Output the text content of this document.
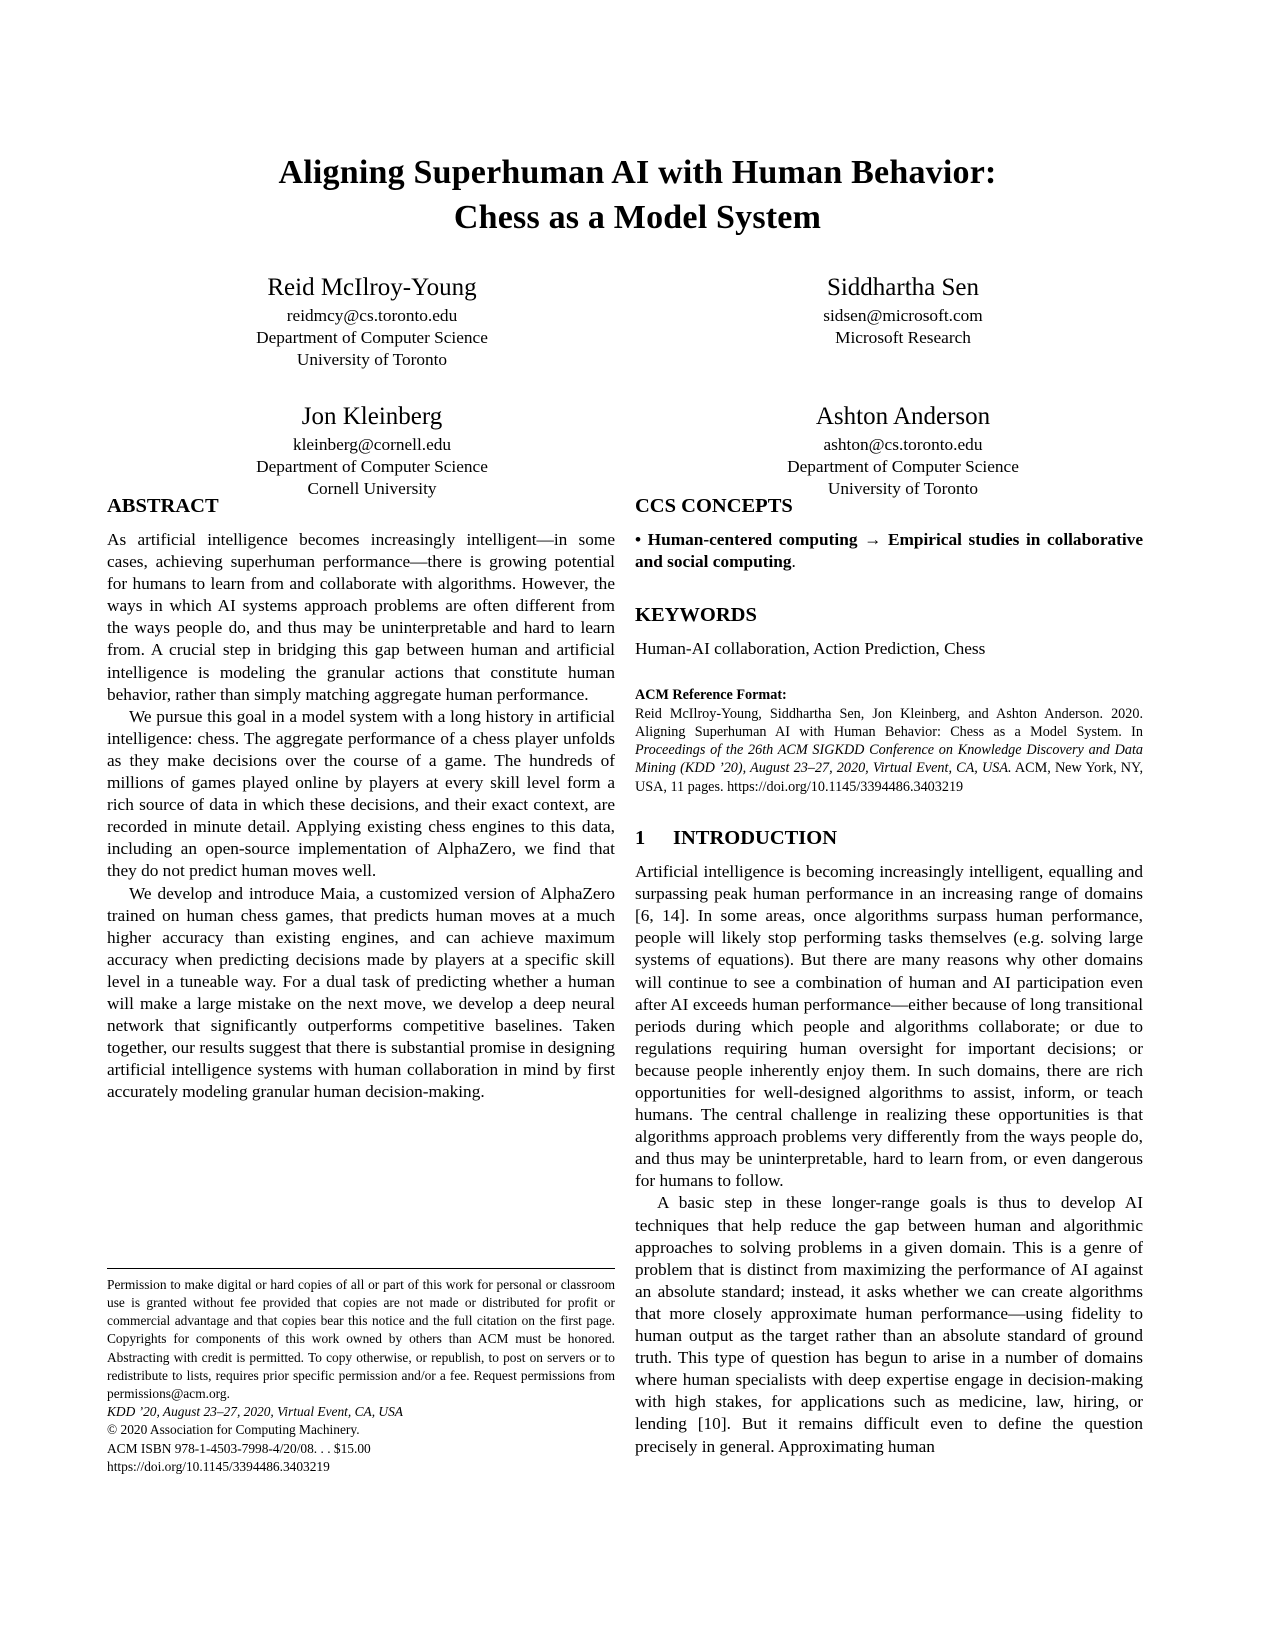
Aligning Superhuman AI with Human Behavior:
Chess as a Model System
Reid McIlroy-Young
reidmcy@cs.toronto.edu
Department of Computer Science
University of Toronto
Siddhartha Sen
sidsen@microsoft.com
Microsoft Research
Jon Kleinberg
kleinberg@cornell.edu
Department of Computer Science
Cornell University
Ashton Anderson
ashton@cs.toronto.edu
Department of Computer Science
University of Toronto
ABSTRACT

As artificial intelligence becomes increasingly intelligent—in some cases, achieving superhuman performance—there is growing potential for humans to learn from and collaborate with algorithms. However, the ways in which AI systems approach problems are often different from the ways people do, and thus may be uninterpretable and hard to learn from. A crucial step in bridging this gap between human and artificial intelligence is modeling the granular actions that constitute human behavior, rather than simply matching aggregate human performance.

We pursue this goal in a model system with a long history in artificial intelligence: chess. The aggregate performance of a chess player unfolds as they make decisions over the course of a game. The hundreds of millions of games played online by players at every skill level form a rich source of data in which these decisions, and their exact context, are recorded in minute detail. Applying existing chess engines to this data, including an open-source implementation of AlphaZero, we find that they do not predict human moves well.

We develop and introduce Maia, a customized version of AlphaZero trained on human chess games, that predicts human moves at a much higher accuracy than existing engines, and can achieve maximum accuracy when predicting decisions made by players at a specific skill level in a tuneable way. For a dual task of predicting whether a human will make a large mistake on the next move, we develop a deep neural network that significantly outperforms competitive baselines. Taken together, our results suggest that there is substantial promise in designing artificial intelligence systems with human collaboration in mind by first accurately modeling granular human decision-making.

Permission to make digital or hard copies of all or part of this work for personal or classroom use is granted without fee provided that copies are not made or distributed for profit or commercial advantage and that copies bear this notice and the full citation on the first page. Copyrights for components of this work owned by others than ACM must be honored. Abstracting with credit is permitted. To copy otherwise, or republish, to post on servers or to redistribute to lists, requires prior specific permission and/or a fee. Request permissions from permissions@acm.org.

KDD ’20, August 23–27, 2020, Virtual Event, CA, USA

© 2020 Association for Computing Machinery.

ACM ISBN 978-1-4503-7998-4/20/08. . . $15.00

https://doi.org/10.1145/3394486.3403219

CCS CONCEPTS

• Human-centered computing → Empirical studies in collaborative and social computing.

KEYWORDS

Human-AI collaboration, Action Prediction, Chess

ACM Reference Format:

Reid McIlroy-Young, Siddhartha Sen, Jon Kleinberg, and Ashton Anderson. 2020. Aligning Superhuman AI with Human Behavior: Chess as a Model System. In Proceedings of the 26th ACM SIGKDD Conference on Knowledge Discovery and Data Mining (KDD ’20), August 23–27, 2020, Virtual Event, CA, USA. ACM, New York, NY, USA, 11 pages. https://doi.org/10.1145/3394486.3403219

1 INTRODUCTION

Artificial intelligence is becoming increasingly intelligent, equalling and surpassing peak human performance in an increasing range of domains [6, 14]. In some areas, once algorithms surpass human performance, people will likely stop performing tasks themselves (e.g. solving large systems of equations). But there are many reasons why other domains will continue to see a combination of human and AI participation even after AI exceeds human performance—either because of long transitional periods during which people and algorithms collaborate; or due to regulations requiring human oversight for important decisions; or because people inherently enjoy them. In such domains, there are rich opportunities for well-designed algorithms to assist, inform, or teach humans. The central challenge in realizing these opportunities is that algorithms approach problems very differently from the ways people do, and thus may be uninterpretable, hard to learn from, or even dangerous for humans to follow.

A basic step in these longer-range goals is thus to develop AI techniques that help reduce the gap between human and algorithmic approaches to solving problems in a given domain. This is a genre of problem that is distinct from maximizing the performance of AI against an absolute standard; instead, it asks whether we can create algorithms that more closely approximate human performance—using fidelity to human output as the target rather than an absolute standard of ground truth. This type of question has begun to arise in a number of domains where human specialists with deep expertise engage in decision-making with high stakes, for applications such as medicine, law, hiring, or lending [10]. But it remains difficult even to define the question precisely in general. Approximating human
